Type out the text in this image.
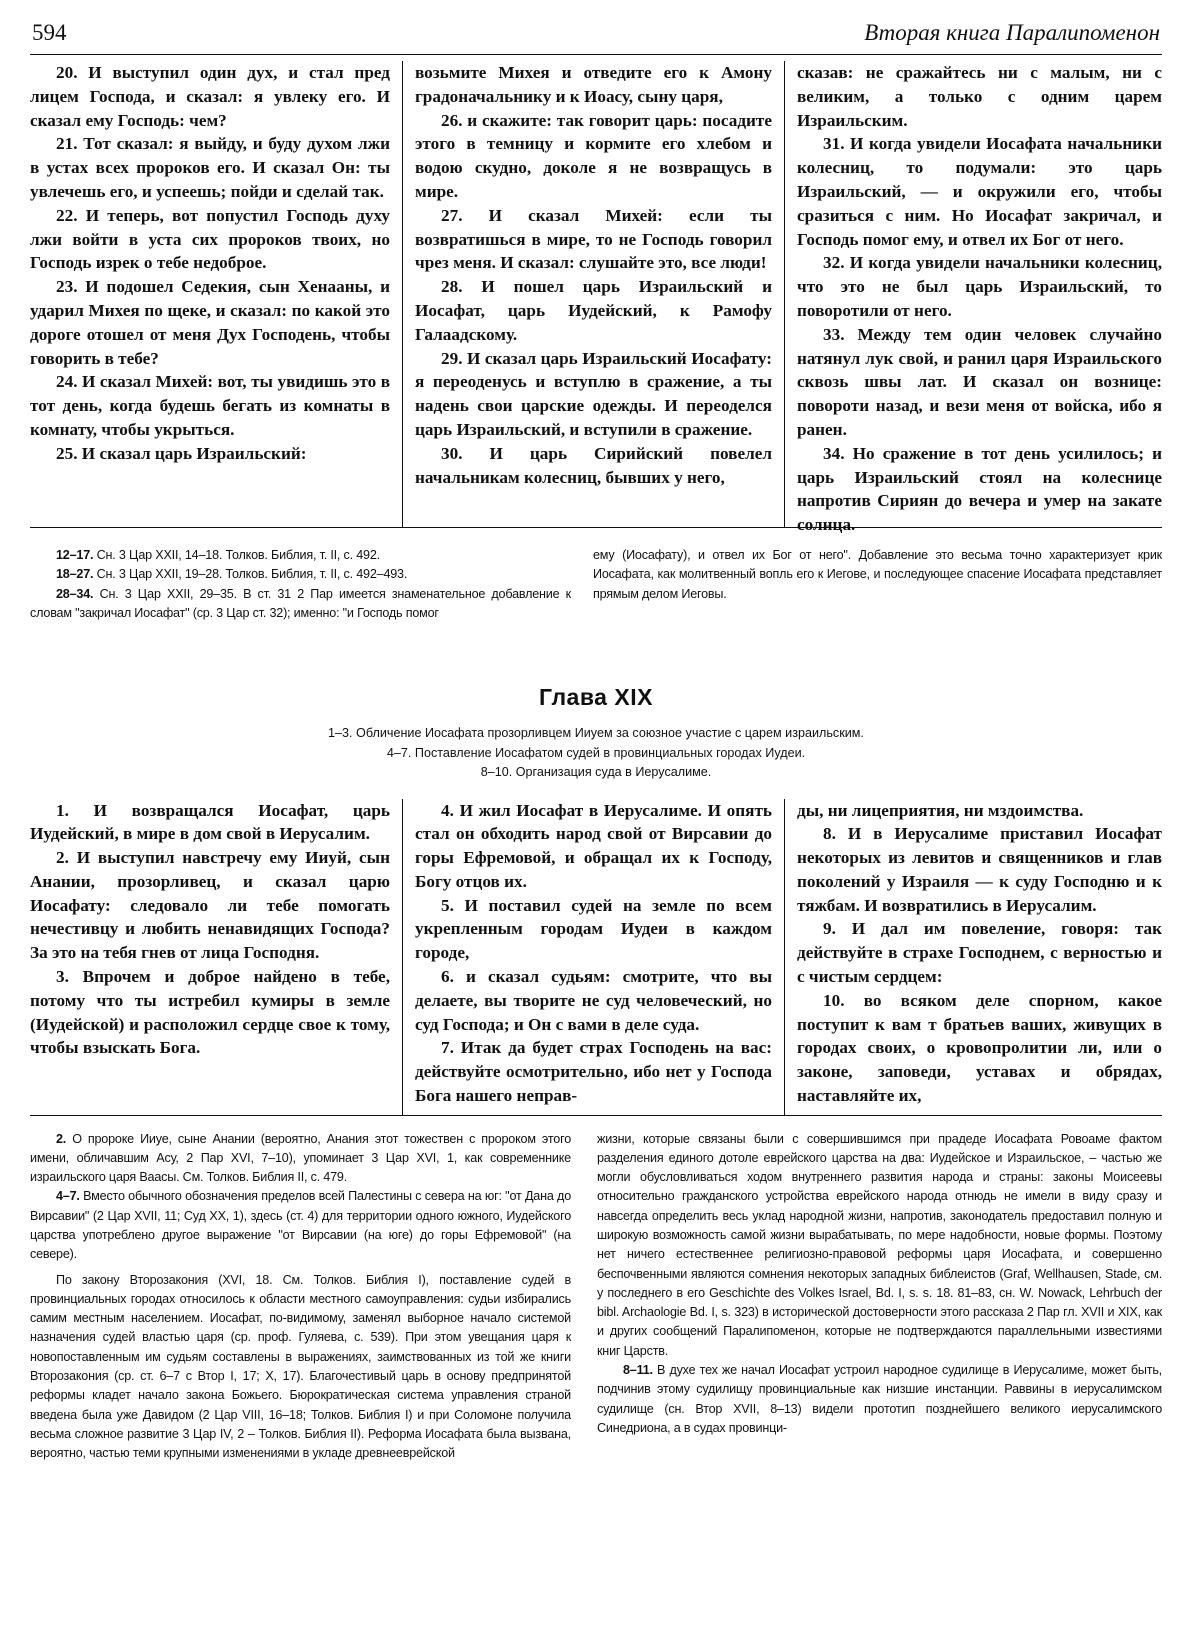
594	Вторая книга Паралипоменон

20. И выступил один дух, и стал пред лицем Господа, и сказал: я увлеку его. И сказал ему Господь: чем?

21. Тот сказал: я выйду, и буду духом лжи в устах всех пророков его. И сказал Он: ты увлечешь его, и успеешь; пойди и сделай так.

22. И теперь, вот попустил Господь духу лжи войти в уста сих пророков твоих, но Господь изрек о тебе недоброе.

23. И подошел Седекия, сын Хенааны, и ударил Михея по щеке, и сказал: по какой это дороге отошел от меня Дух Господень, чтобы говорить в тебе?

24. И сказал Михей: вот, ты увидишь это в тот день, когда будешь бегать из комнаты в комнату, чтобы укрыться.

25. И сказал царь Израильский:

возьмите Михея и отведите его к Амону градоначальнику и к Иоасу, сыну царя,

26. и скажите: так говорит царь: посадите этого в темницу и кормите его хлебом и водою скудно, доколе я не возвращусь в мире.

27. И сказал Михей: если ты возвратишься в мире, то не Господь говорил чрез меня. И сказал: слушайте это, все люди!

28. И пошел царь Израильский и Иосафат, царь Иудейский, к Рамофу Галаадскому.

29. И сказал царь Израильский Иосафату: я переоденусь и вступлю в сражение, а ты надень свои царские одежды. И переоделся царь Израильский, и вступили в сражение.

30. И царь Сирийский повелел начальникам колесниц, бывших у него,

сказав: не сражайтесь ни с малым, ни с великим, а только с одним царем Израильским.

31. И когда увидели Иосафата начальники колесниц, то подумали: это царь Израильский, — и окружили его, чтобы сразиться с ним. Но Иосафат закричал, и Господь помог ему, и отвел их Бог от него.

32. И когда увидели начальники колесниц, что это не был царь Израильский, то поворотили от него.

33. Между тем один человек случайно натянул лук свой, и ранил царя Израильского сквозь швы лат. И сказал он вознице: повороти назад, и вези меня от войска, ибо я ранен.

34. Но сражение в тот день усилилось; и царь Израильский стоял на колеснице напротив Сириян до вечера и умер на закате солнца.

12–17. Сн. 3 Цар XXII, 14–18. Толков. Библия, т. II, с. 492.

18–27. Сн. 3 Цар XXII, 19–28. Толков. Библия, т. II, с. 492–493.

28–34. Сн. 3 Цар XXII, 29–35. В ст. 31 2 Пар имеется знаменательное добавление к словам "закричал Иосафат" (ср. 3 Цар ст. 32); именно: "и Господь помог

ему (Иосафату), и отвел их Бог от него". Добавление это весьма точно характеризует крик Иосафата, как молитвенный вопль его к Иегове, и последующее спасение Иосафата представляет прямым делом Иеговы.

Глава XIX
1–3. Обличение Иосафата прозорливцем Ииуем за союзное участие с царем израильским.
4–7. Поставление Иосафатом судей в провинциальных городах Иудеи.
8–10. Организация суда в Иерусалиме.

1. И возвращался Иосафат, царь Иудейский, в мире в дом свой в Иерусалим.

2. И выступил навстречу ему Ииуй, сын Анании, прозорливец, и сказал царю Иосафату: следовало ли тебе помогать нечестивцу и любить ненавидящих Господа? За это на тебя гнев от лица Господня.

3. Впрочем и доброе найдено в тебе, потому что ты истребил кумиры в земле (Иудейской) и расположил сердце свое к тому, чтобы взыскать Бога.

4. И жил Иосафат в Иерусалиме. И опять стал он обходить народ свой от Вирсавии до горы Ефремовой, и обращал их к Господу, Богу отцов их.

5. И поставил судей на земле по всем укрепленным городам Иудеи в каждом городе,

6. и сказал судьям: смотрите, что вы делаете, вы творите не суд человеческий, но суд Господа; и Он с вами в деле суда.

7. Итак да будет страх Господень на вас: действуйте осмотрительно, ибо нет у Господа Бога нашего неправ-

ды, ни лицеприятия, ни мздоимства.

8. И в Иерусалиме приставил Иосафат некоторых из левитов и священников и глав поколений у Израиля — к суду Господню и к тяжбам. И возвратились в Иерусалим.

9. И дал им повеление, говоря: так действуйте в страхе Господнем, с верностью и с чистым сердцем:

10. во всяком деле спорном, какое поступит к вам т братьев ваших, живущих в городах своих, о кровопролитии ли, или о законе, заповеди, уставах и обрядах, наставляйте их,

2. О пророке Ииуе, сыне Анании (вероятно, Анания этот тожествен с пророком этого имени, обличавшим Асу, 2 Пар XVI, 7–10), упоминает 3 Цар XVI, 1, как современнике израильского царя Ваасы. См. Толков. Библия II, с. 479.

4–7. Вместо обычного обозначения пределов всей Палестины с севера на юг: "от Дана до Вирсавии" (2 Цар XVII, 11; Суд XX, 1), здесь (ст. 4) для территории одного южного, Иудейского царства употреблено другое выражение "от Вирсавии (на юге) до горы Ефремовой" (на севере).

По закону Второзакония (XVI, 18. См. Толков. Библия I), поставление судей в провинциальных городах относилось к области местного самоуправления: судьи избирались самим местным населением. Иосафат, по-видимому, заменял выборное начало системой назначения судей властью царя (ср. проф. Гуляева, с. 539). При этом увещания царя к новопоставленным им судьям составлены в выражениях, заимствованных из той же книги Второзакония (ср. ст. 6–7 с Втор I, 17; X, 17). Благочестивый царь в основу предпринятой реформы кладет начало закона Божьего. Бюрократическая система управления страной введена была уже Давидом (2 Цар VIII, 16–18; Толков. Библия I) и при Соломоне получила весьма сложное развитие 3 Цар IV, 2 – Толков. Библия II). Реформа Иосафата была вызвана, вероятно, частью теми крупными изменениями в укладе древнееврейской

жизни, которые связаны были с совершившимся при прадеде Иосафата Ровоаме фактом разделения единого дотоле еврейского царства на два: Иудейское и Израильское, – частью же могли обусловливаться ходом внутреннего развития народа и страны: законы Моисеевы относительно гражданского устройства еврейского народа отнюдь не имели в виду сразу и навсегда определить весь уклад народной жизни, напротив, законодатель предоставил полную и широкую возможность самой жизни вырабатывать, по мере надобности, новые формы. Поэтому нет ничего естественнее религиозно-правовой реформы царя Иосафата, и совершенно беспочвенными являются сомнения некоторых западных библеистов (Graf, Wellhausen, Stade, см. у последнего в его Geschichte des Volkes Israel, Bd. I, s. s. 18. 81–83, сн. W. Nowack, Lehrbuch der bibl. Archaologie Bd. I, s. 323) в исторической достоверности этого рассказа 2 Пар гл. XVII и XIX, как и других сообщений Паралипоменон, которые не подтверждаются параллельными известиями книг Царств.

8–11. В духе тех же начал Иосафат устроил народное судилище в Иерусалиме, может быть, подчинив этому судилищу провинциальные как низшие инстанции. Раввины в иерусалимском судилище (сн. Втор XVII, 8–13) видели прототип позднейшего великого иерусалимского Синедриона, а в судах провинци-
